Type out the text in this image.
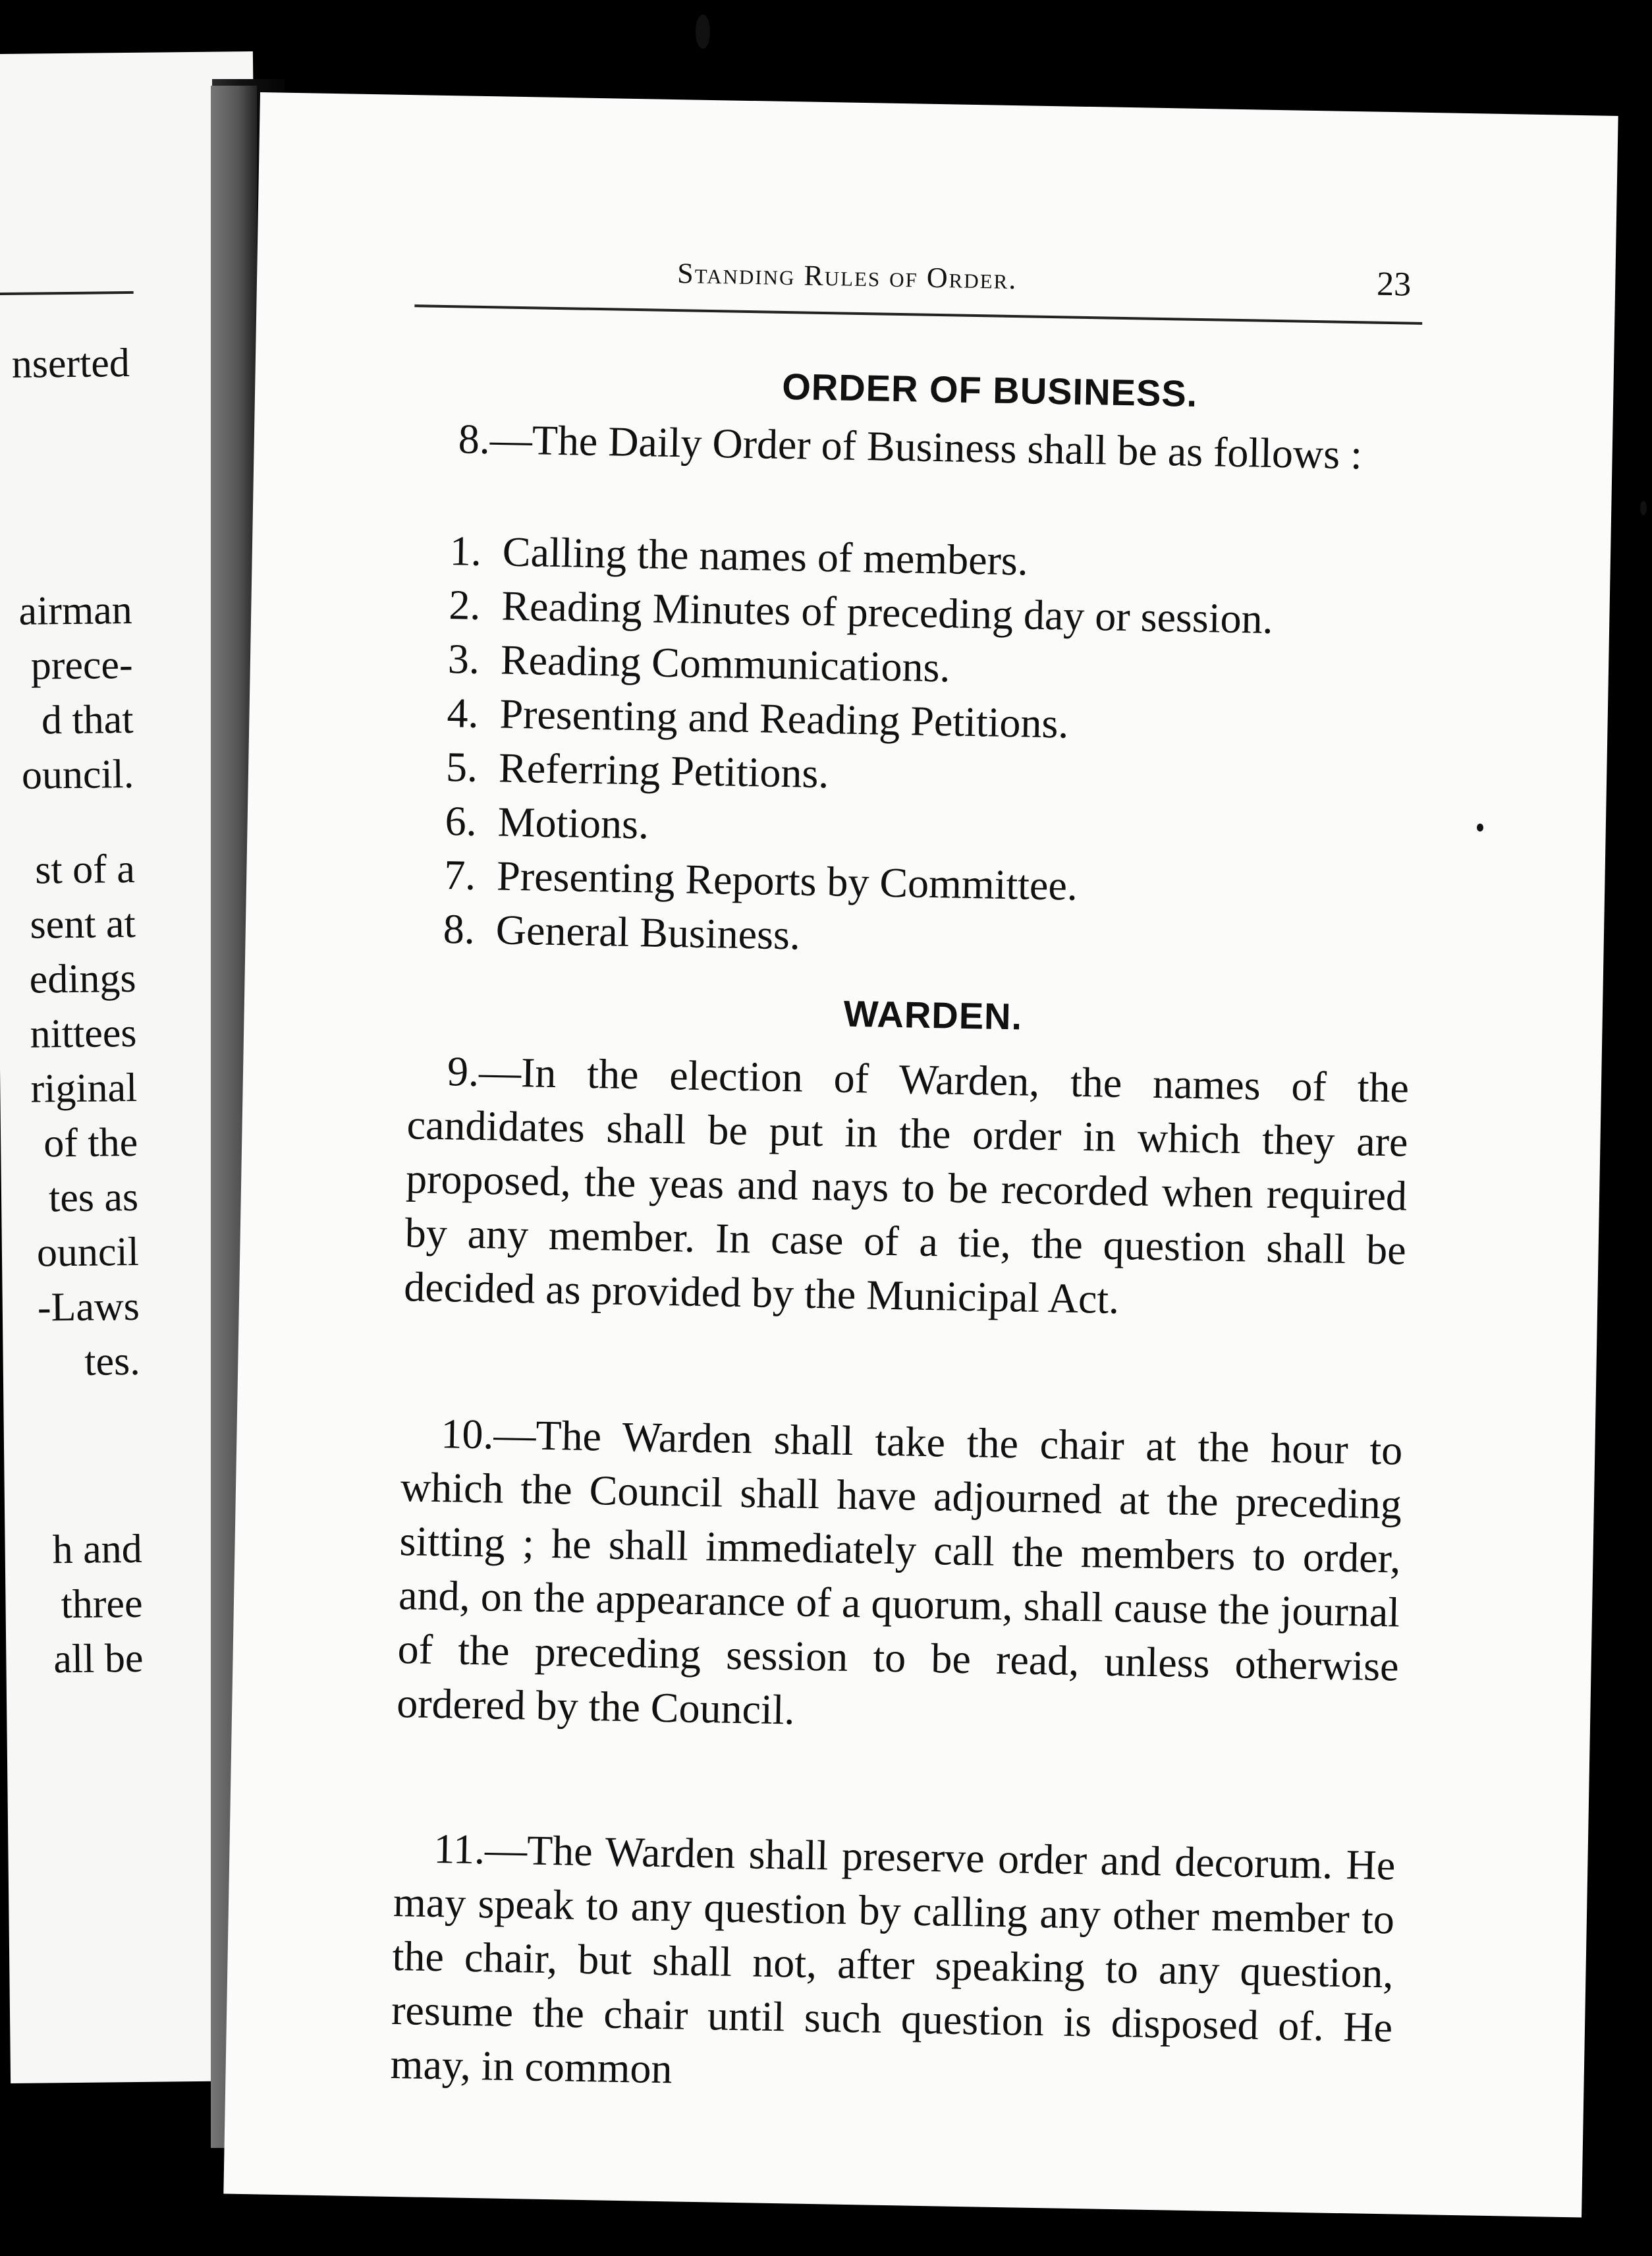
nserted
airman
prece-
d that
ouncil.
st of a
sent at
edings
nittees
riginal
of the
tes as
ouncil
-Laws
tes.
h and
three
all be
Standing Rules of Order.	23
ORDER OF BUSINESS.

8.—The Daily Order of Business shall be as follows :

1. Calling the names of members.
2. Reading Minutes of preceding day or session.
3. Reading Communications.
4. Presenting and Reading Petitions.
5. Referring Petitions.
6. Motions.
7. Presenting Reports by Committee.
8. General Business.
WARDEN.

9.—In the election of Warden, the names of the candidates shall be put in the order in which they are proposed, the yeas and nays to be recorded when required by any member. In case of a tie, the question shall be decided as provided by the Municipal Act.

10.—The Warden shall take the chair at the hour to which the Council shall have adjourned at the preceding sitting ; he shall immediately call the members to order, and, on the appearance of a quorum, shall cause the journal of the preceding session to be read, unless otherwise ordered by the Council.

11.—The Warden shall preserve order and decorum. He may speak to any question by calling any other member to the chair, but shall not, after speaking to any question, resume the chair until such question is disposed of. He may, in common
